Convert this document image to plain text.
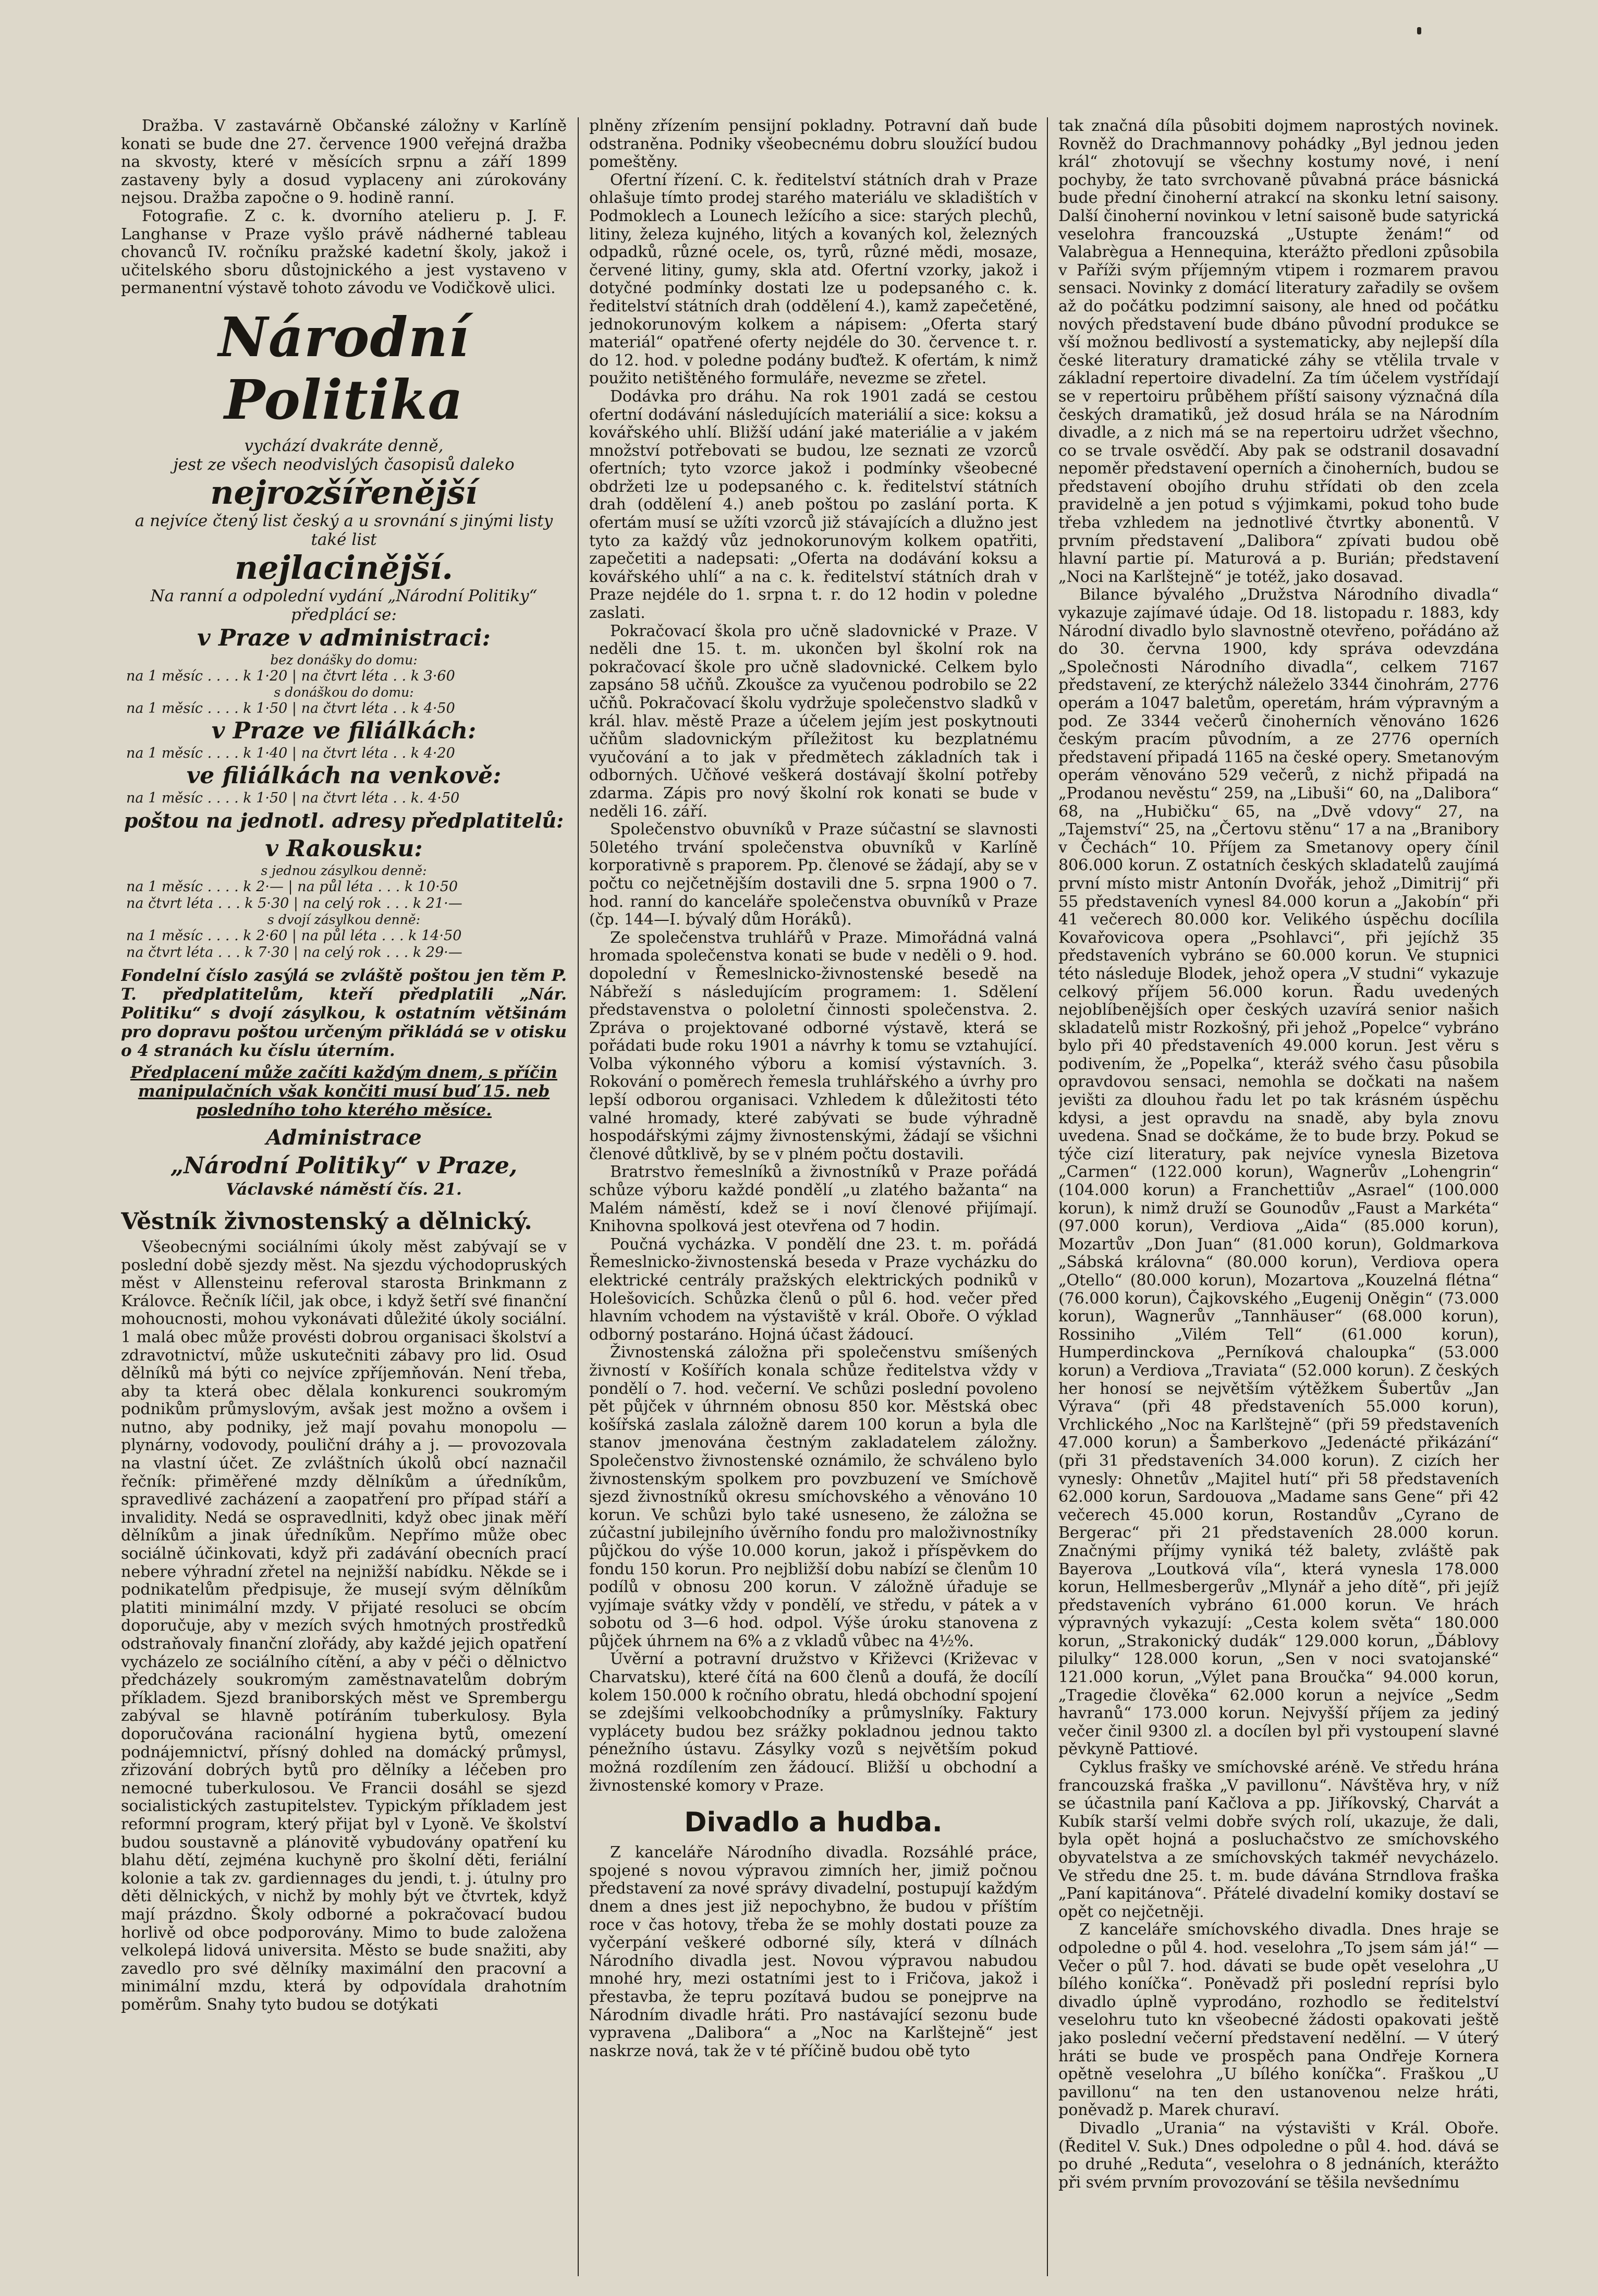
Dražba. V zastavárně Občanské záložny v Karlíně konati se bude dne 27. července 1900 veřejná dražba na skvosty, které v měsících srpnu a září 1899 zastaveny byly a dosud vyplaceny ani zúrokovány nejsou. Dražba započne o 9. hodině ranní.

Fotografie. Z c. k. dvorního atelieru p. J. F. Langhanse v Praze vyšlo právě nádherné tableau chovanců IV. ročníku pražské kadetní školy, jakož i učitelského sboru důstojnického a jest vystaveno v permanentní výstavě tohoto závodu ve Vodičkově ulici.

Národní Politika
vychází dvakráte denně,
jest ze všech neodvislých časopisů daleko
nejrozšířenější
a nejvíce čtený list český a u srovnání s jinými listy také list
nejlacinější.
Na ranní a odpolední vydání „Národní Politiky“ předplácí se:
v Praze v administraci:
bez donášky do domu:
na 1 měsíc . . . . k 1·20 | na čtvrt léta . . k 3·60
s donáškou do domu:
na 1 měsíc . . . . k 1·50 | na čtvrt léta . . k 4·50
v Praze ve filiálkách:
na 1 měsíc . . . . k 1·40 | na čtvrt léta . . k 4·20
ve filiálkách na venkově:
na 1 měsíc . . . . k 1·50 | na čtvrt léta . . k. 4·50
poštou na jednotl. adresy předplatitelů:
v Rakousku:
s jednou zásylkou denně:
na 1 měsíc . . . . k 2·— | na půl léta . . . k 10·50
na čtvrt léta . . . k 5·30 | na celý rok . . . k 21·—
s dvojí zásylkou denně:
na 1 měsíc . . . . k 2·60 | na půl léta . . . k 14·50
na čtvrt léta . . . k 7·30 | na celý rok . . . k 29·—
Fondelní číslo zasýlá se zvláště poštou jen těm P. T. předplatitelům, kteří předplatili „Nár. Politiku“ s dvojí zásylkou, k ostatním většinám pro dopravu poštou určeným přikládá se v otisku o 4 stranách ku číslu úterním.
Předplacení může začíti každým dnem, s příčin manipulačních však končiti musí buď 15. neb posledního toho kterého měsíce.
Administrace
„Národní Politiky“ v Praze,
Václavské náměstí čís. 21.
Věstník živnostenský a dělnický.

Všeobecnými sociálními úkoly měst zabývají se v poslední době sjezdy měst. Na sjezdu východopruských měst v Allensteinu referoval starosta Brinkmann z Královce. Řečník líčil, jak obce, i když šetří své finanční mohoucnosti, mohou vykonávati důležité úkoly sociální. 1 malá obec může provésti dobrou organisaci školství a zdravotnictví, může uskutečniti zábavy pro lid. Osud dělníků má býti co nejvíce zpříjemňován. Není třeba, aby ta která obec dělala konkurenci soukromým podnikům průmyslovým, avšak jest možno a ovšem i nutno, aby podniky, jež mají povahu monopolu — plynárny, vodovody, pouliční dráhy a j. — provozovala na vlastní účet. Ze zvláštních úkolů obcí naznačil řečník: přiměřené mzdy dělníkům a úředníkům, spravedlivé zacházení a zaopatření pro případ stáří a invalidity. Nedá se ospravedlniti, když obec jinak měří dělníkům a jinak úředníkům. Nepřímo může obec sociálně účinkovati, když při zadávání obecních prací nebere výhradní zřetel na nejnižší nabídku. Někde se i podnikatelům předpisuje, že musejí svým dělníkům platiti minimální mzdy. V přijaté resoluci se obcím doporučuje, aby v mezích svých hmotných prostředků odstraňovaly finanční zlořády, aby každé jejich opatření vycházelo ze sociálního cítění, a aby v péči o dělnictvo předcházely soukromým zaměstnavatelům dobrým příkladem. Sjezd braniborských měst ve Sprembergu zabýval se hlavně potíráním tuberkulosy. Byla doporučována racionální hygiena bytů, omezení podnájemnictví, přísný dohled na domácký průmysl, zřizování dobrých bytů pro dělníky a léčeben pro nemocné tuberkulosou. Ve Francii dosáhl se sjezd socialistických zastupitelstev. Typickým příkladem jest reformní program, který přijat byl v Lyoně. Ve školství budou soustavně a plánovitě vybudovány opatření ku blahu dětí, zejména kuchyně pro školní děti, feriální kolonie a tak zv. gardiennages du jendi, t. j. útulny pro děti dělnických, v nichž by mohly být ve čtvrtek, když mají prázdno. Školy odborné a pokračovací budou horlivě od obce podporovány. Mimo to bude založena velkolepá lidová universita. Město se bude snažiti, aby zavedlo pro své dělníky maximální den pracovní a minimální mzdu, která by odpovídala drahotním poměrům. Snahy tyto budou se dotýkati

plněny zřízením pensijní pokladny. Potravní daň bude odstraněna. Podniky všeobecnému dobru sloužící budou pomeštěny.

Ofertní řízení. C. k. ředitelství státních drah v Praze ohlašuje tímto prodej starého materiálu ve skladištích v Podmoklech a Lounech ležícího a sice: starých plechů, litiny, železa kujného, litých a kovaných kol, železných odpadků, různé ocele, os, tyrů, různé mědi, mosaze, červené litiny, gumy, skla atd. Ofertní vzorky, jakož i dotyčné podmínky dostati lze u podepsaného c. k. ředitelství státních drah (oddělení 4.), kamž zapečetěné, jednokorunovým kolkem a nápisem: „Oferta starý materiál“ opatřené oferty nejdéle do 30. července t. r. do 12. hod. v poledne podány buďtež. K ofertám, k nimž použito netištěného formuláře, nevezme se zřetel.

Dodávka pro dráhu. Na rok 1901 zadá se cestou ofertní dodávání následujících materiálií a sice: koksu a kovářského uhlí. Bližší udání jaké materiálie a v jakém množství potřebovati se budou, lze seznati ze vzorců ofertních; tyto vzorce jakož i podmínky všeobecné obdržeti lze u podepsaného c. k. ředitelství státních drah (oddělení 4.) aneb poštou po zaslání porta. K ofertám musí se užíti vzorců již stávajících a dlužno jest tyto za každý vůz jednokorunovým kolkem opatřiti, zapečetiti a nadepsati: „Oferta na dodávání koksu a kovářského uhlí“ a na c. k. ředitelství státních drah v Praze nejdéle do 1. srpna t. r. do 12 hodin v poledne zaslati.

Pokračovací škola pro učně sladovnické v Praze. V neděli dne 15. t. m. ukončen byl školní rok na pokračovací škole pro učně sladovnické. Celkem bylo zapsáno 58 učňů. Zkoušce za vyučenou podrobilo se 22 učňů. Pokračovací školu vydržuje společenstvo sladků v král. hlav. městě Praze a účelem jejím jest poskytnouti učňům sladovnickým příležitost ku bezplatnému vyučování a to jak v předmětech základních tak i odborných. Učňové veškerá dostávají školní potřeby zdarma. Zápis pro nový školní rok konati se bude v neděli 16. září.

Společenstvo obuvníků v Praze súčastní se slavnosti 50letého trvání společenstva obuvníků v Karlíně korporativně s praporem. Pp. členové se žádají, aby se v počtu co nejčetnějším dostavili dne 5. srpna 1900 o 7. hod. ranní do kanceláře společenstva obuvníků v Praze (čp. 144—I. bývalý dům Horáků).

Ze společenstva truhlářů v Praze. Mimořádná valná hromada společenstva konati se bude v neděli o 9. hod. dopolední v Řemeslnicko-živnostenské besedě na Nábřeží s následujícím programem: 1. Sdělení představenstva o pololetní činnosti společenstva. 2. Zpráva o projektované odborné výstavě, která se pořádati bude roku 1901 a návrhy k tomu se vztahující. Volba výkonného výboru a komisí výstavních. 3. Rokování o poměrech řemesla truhlářského a úvrhy pro lepší odborou organisaci. Vzhledem k důležitosti této valné hromady, které zabývati se bude výhradně hospodářskými zájmy živnostenskými, žádají se všichni členové důtklivě, by se v plném počtu dostavili.

Bratrstvo řemeslníků a živnostníků v Praze pořádá schůze výboru každé pondělí „u zlatého bažanta“ na Malém náměstí, kdež se i noví členové přijímají. Knihovna spolková jest otevřena od 7 hodin.

Poučná vycházka. V pondělí dne 23. t. m. pořádá Řemeslnicko-živnostenská beseda v Praze vycházku do elektrické centrály pražských elektrických podniků v Holešovicích. Schůzka členů o půl 6. hod. večer před hlavním vchodem na výstaviště v král. Oboře. O výklad odborný postaráno. Hojná účast žádoucí.

Živnostenská záložna při společenstvu smíšených živností v Košířích konala schůze ředitelstva vždy v pondělí o 7. hod. večerní. Ve schůzi poslední povoleno pět půjček v úhrnném obnosu 850 kor. Městská obec košířská zaslala záložně darem 100 korun a byla dle stanov jmenována čestným zakladatelem záložny. Společenstvo živnostenské oznámilo, že schváleno bylo živnostenským spolkem pro povzbuzení ve Smíchově sjezd živnostníků okresu smíchovského a věnováno 10 korun. Ve schůzi bylo také usneseno, že záložna se zúčastní jubilejního úvěrního fondu pro maloživnostníky půjčkou do výše 10.000 korun, jakož i příspěvkem do fondu 150 korun. Pro nejbližší dobu nabízí se členům 10 podílů v obnosu 200 korun. V záložně úřaduje se vyjímaje svátky vždy v pondělí, ve středu, v pátek a v sobotu od 3—6 hod. odpol. Výše úroku stanovena z půjček úhrnem na 6% a z vkladů vůbec na 4½%.

Úvěrní a potravní družstvo v Křiževci (Križevac v Charvatsku), které čítá na 600 členů a doufá, že docílí kolem 150.000 k ročního obratu, hledá obchodní spojení se zdejšími velkoobchodníky a průmyslníky. Faktury vyplácety budou bez srážky pokladnou jednou takto pénežního ústavu. Zásylky vozů s největším pokud možná rozdílením zen žádoucí. Bližší u obchodní a živnostenské komory v Praze.

Divadlo a hudba.

Z kanceláře Národního divadla. Rozsáhlé práce, spojené s novou výpravou zimních her, jimiž počnou představení za nové správy divadelní, postupují každým dnem a dnes jest již nepochybno, že budou v příštím roce v čas hotovy, třeba že se mohly dostati pouze za vyčerpání veškeré odborné síly, která v dílnách Národního divadla jest. Novou výpravou nabudou mnohé hry, mezi ostatními jest to i Fričova, jakož i přestavba, že tepru pozítavá budou se ponejprve na Národním divadle hráti. Pro nastávající sezonu bude vypravena „Dalibora“ a „Noc na Karlštejně“ jest naskrze nová, tak že v té příčině budou obě tyto

tak značná díla působiti dojmem naprostých novinek. Rovněž do Drachmannovy pohádky „Byl jednou jeden král“ zhotovují se všechny kostumy nové, i není pochyby, že tato svrchovaně půvabná práce básnická bude přední činoherní atrakcí na skonku letní saisony. Další činoherní novinkou v letní saisoně bude satyrická veselohra francouzská „Ustupte ženám!“ od Valabrègua a Hennequina, kterážto předloni způsobila v Paříži svým příjemným vtipem i rozmarem pravou sensaci. Novinky z domácí literatury zařadily se ovšem až do počátku podzimní saisony, ale hned od počátku nových představení bude dbáno původní produkce se vší možnou bedlivostí a systematicky, aby nejlepší díla české literatury dramatické záhy se vtělila trvale v základní repertoire divadelní. Za tím účelem vystřídají se v repertoiru průběhem příští saisony význačná díla českých dramatiků, jež dosud hrála se na Národním divadle, a z nich má se na repertoiru udržet všechno, co se trvale osvědčí. Aby pak se odstranil dosavadní nepoměr představení operních a činoherních, budou se představení obojího druhu střídati ob den zcela pravidelně a jen potud s výjimkami, pokud toho bude třeba vzhledem na jednotlivé čtvrtky abonentů. V prvním představení „Dalibora“ zpívati budou obě hlavní partie pí. Maturová a p. Burián; představení „Noci na Karlštejně“ je totéž, jako dosavad.

Bilance bývalého „Družstva Národního divadla“ vykazuje zajímavé údaje. Od 18. listopadu r. 1883, kdy Národní divadlo bylo slavnostně otevřeno, pořádáno až do 30. června 1900, kdy správa odevzdána „Společnosti Národního divadla“, celkem 7167 představení, ze kterýchž náleželo 3344 činohrám, 2776 operám a 1047 baletům, operetám, hrám výpravným a pod. Ze 3344 večerů činoherních věnováno 1626 českým pracím původním, a ze 2776 operních představení připadá 1165 na české opery. Smetanovým operám věnováno 529 večerů, z nichž připadá na „Prodanou nevěstu“ 259, na „Libuši“ 60, na „Dalibora“ 68, na „Hubičku“ 65, na „Dvě vdovy“ 27, na „Tajemství“ 25, na „Čertovu stěnu“ 17 a na „Branibory v Čechách“ 10. Příjem za Smetanovy opery čínil 806.000 korun. Z ostatních českých skladatelů zaujímá první místo mistr Antonín Dvořák, jehož „Dimitrij“ při 55 představeních vynesl 84.000 korun a „Jakobín“ při 41 večerech 80.000 kor. Velikého úspěchu docílila Kovařovicova opera „Psohlavci“, při jejíchž 35 představeních vybráno se 60.000 korun. Ve stupnici této následuje Blodek, jehož opera „V studni“ vykazuje celkový příjem 56.000 korun. Řadu uvedených nejoblíbenějších oper českých uzavírá senior našich skladatelů mistr Rozkošný, při jehož „Popelce“ vybráno bylo při 40 představeních 49.000 korun. Jest věru s podivením, že „Popelka“, kteráž svého času působila opravdovou sensaci, nemohla se dočkati na našem jevišti za dlouhou řadu let po tak krásném úspěchu kdysi, a jest opravdu na snadě, aby byla znovu uvedena. Snad se dočkáme, že to bude brzy. Pokud se týče cizí literatury, pak nejvíce vynesla Bizetova „Carmen“ (122.000 korun), Wagnerův „Lohengrin“ (104.000 korun) a Franchettiův „Asrael“ (100.000 korun), k nimž druží se Gounodův „Faust a Markéta“ (97.000 korun), Verdiova „Aida“ (85.000 korun), Mozartův „Don Juan“ (81.000 korun), Goldmarkova „Sábská královna“ (80.000 korun), Verdiova opera „Otello“ (80.000 korun), Mozartova „Kouzelná flétna“ (76.000 korun), Čajkovského „Eugenij Oněgin“ (73.000 korun), Wagnerův „Tannhäuser“ (68.000 korun), Rossiniho „Vilém Tell“ (61.000 korun), Humperdinckova „Perníková chaloupka“ (53.000 korun) a Verdiova „Traviata“ (52.000 korun). Z českých her honosí se největším výtěžkem Šubertův „Jan Výrava“ (při 48 představeních 55.000 korun), Vrchlického „Noc na Karlštejně“ (při 59 představeních 47.000 korun) a Šamberkovo „Jedenácté přikázání“ (při 31 představeních 34.000 korun). Z cizích her vynesly: Ohnetův „Majitel hutí“ při 58 představeních 62.000 korun, Sardouova „Madame sans Gene“ při 42 večerech 45.000 korun, Rostandův „Cyrano de Bergerac“ při 21 představeních 28.000 korun. Značnými příjmy vyniká též balety, zvláště pak Bayerova „Loutková víla“, která vynesla 178.000 korun, Hellmesbergerův „Mlynář a jeho dítě“, při jejíž představeních vybráno 61.000 korun. Ve hrách výpravných vykazují: „Cesta kolem světa“ 180.000 korun, „Strakonický dudák“ 129.000 korun, „Ďáblovy pilulky“ 128.000 korun, „Sen v noci svatojanské“ 121.000 korun, „Výlet pana Broučka“ 94.000 korun, „Tragedie člověka“ 62.000 korun a nejvíce „Sedm havranů“ 173.000 korun. Nejvyšší příjem za jediný večer činil 9300 zl. a docílen byl při vystoupení slavné pěvkyně Pattiové.

Cyklus frašky ve smíchovské aréně. Ve středu hrána francouzská fraška „V pavillonu“. Návštěva hry, v níž se účastnila paní Kačlova a pp. Jiříkovský, Charvát a Kubík starší velmi dobře svých rolí, ukazuje, že dali, byla opět hojná a posluchačstvo ze smíchovského obyvatelstva a ze smíchovských takméř nevycházelo. Ve středu dne 25. t. m. bude dávána Strndlova fraška „Paní kapitánova“. Přátelé divadelní komiky dostaví se opět co nejčetněji.

Z kanceláře smíchovského divadla. Dnes hraje se odpoledne o půl 4. hod. veselohra „To jsem sám já!“ — Večer o půl 7. hod. dávati se bude opět veselohra „U bílého koníčka“. Poněvadž při poslední reprísi bylo divadlo úplně vyprodáno, rozhodlo se ředitelství veselohru tuto kn všeobecné žádosti opakovati ještě jako poslední večerní představení nedělní. — V úterý hráti se bude ve prospěch pana Ondřeje Kornera opětně veselohra „U bílého koníčka“. Fraškou „U pavillonu“ na ten den ustanovenou nelze hráti, poněvadž p. Marek churaví.

Divadlo „Urania“ na výstavišti v Král. Oboře. (Ředitel V. Suk.) Dnes odpoledne o půl 4. hod. dává se po druhé „Reduta“, veselohra o 8 jednáních, kterážto při svém prvním provozování se těšila nevšednímu
